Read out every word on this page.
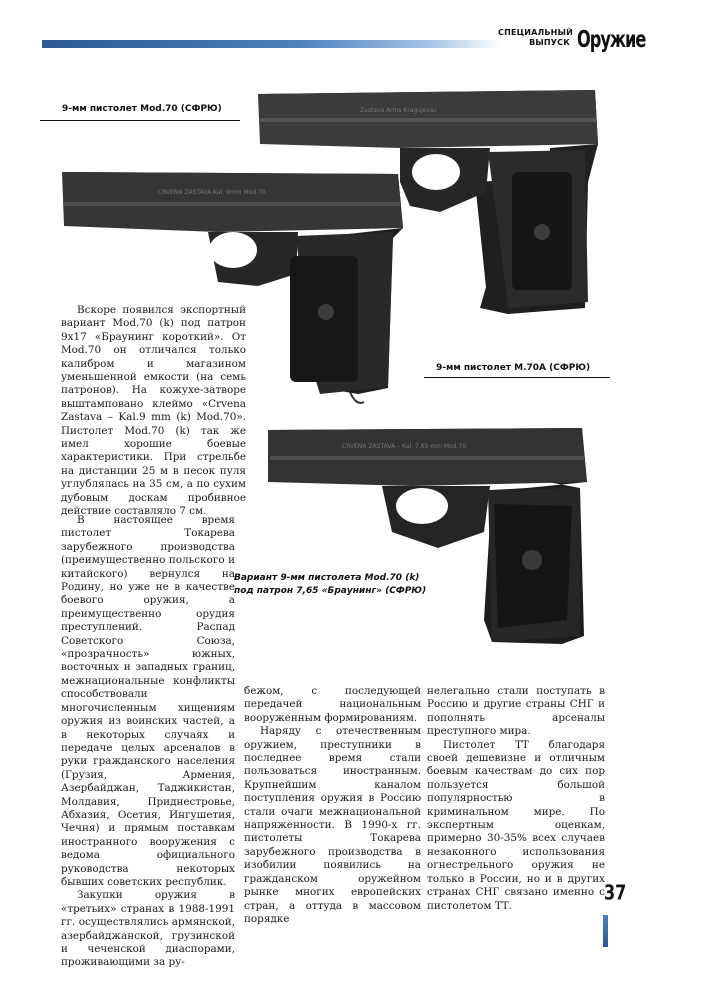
СПЕЦИАЛЬНЫЙ
ВЫПУСК Оружие
9-мм пистолет Mod.70 (СФРЮ)	Zastava Arms Kragujevac
CRVENA ZASTAVA Kal. 9mm Mod.70

Вскоре появился экспортный вариант Mod.70 (k) под патрон 9х17 «Браунинг короткий». От Mod.70 он отличался только калибром и магазином уменьшенной емкости (на семь патронов). На кожухе-затворе выштамповано клеймо «Crvena Zastava – Kal.9 mm (k) Mod.70». Пистолет Mod.70 (k) так же имел хорошие боевые характеристики. При стрельбе на дистанции 25 м в песок пуля углублялась на 35 см, а по сухим дубовым доскам пробивное действие составляло 7 см.

9-мм пистолет M.70A (СФРЮ)
CRVENA ZASTAVA – Kal. 7,65 mm Mod.70
Вариант 9-мм пистолета Mod.70 (k) под патрон 7,65 «Браунинг» (СФРЮ)

В настоящее время пистолет Токарева зарубежного производства (преимущественно польского и китайского) вернулся на Родину, но уже не в качестве боевого оружия, а преимущественно орудия преступлений. Распад Советского Союза, «прозрачность» южных, восточных и западных границ, межнациональные конфликты способствовали многочисленным хищениям оружия из воинских частей, а в некоторых случаях и передаче целых арсеналов в руки гражданского населения (Грузия, Армения, Азербайджан, Таджикистан, Молдавия, Приднестровье, Абхазия, Осетия, Ингушетия, Чечня) и прямым поставкам иностранного вооружения с ведома официального руководства некоторых бывших советских республик.

Закупки оружия в «третьих» странах в 1988-1991 гг. осуществлялись армянской, азербайджанской, грузинской и чеченской диаспорами, проживающими за ру-

бежом, с последующей передачей национальным вооруженным формированиям.

Наряду с отечественным оружием, преступники в последнее время стали пользоваться иностранным. Крупнейшим каналом поступления оружия в Россию стали очаги межнациональной напряженности. В 1990-х гг. пистолеты Токарева зарубежного производства в изобилии появились на гражданском оружейном рынке многих европейских стран, а оттуда в массовом порядке

нелегально стали поступать в Россию и другие страны СНГ и пополнять арсеналы преступного мира.

Пистолет ТТ благодаря своей дешевизне и отличным боевым качествам до сих пор пользуется большой популярностью в криминальном мире. По экспертным оценкам, примерно 30-35% всех случаев незаконного использования огнестрельного оружия не только в России, но и в других странах СНГ связано именно с пистолетом ТТ.

37
